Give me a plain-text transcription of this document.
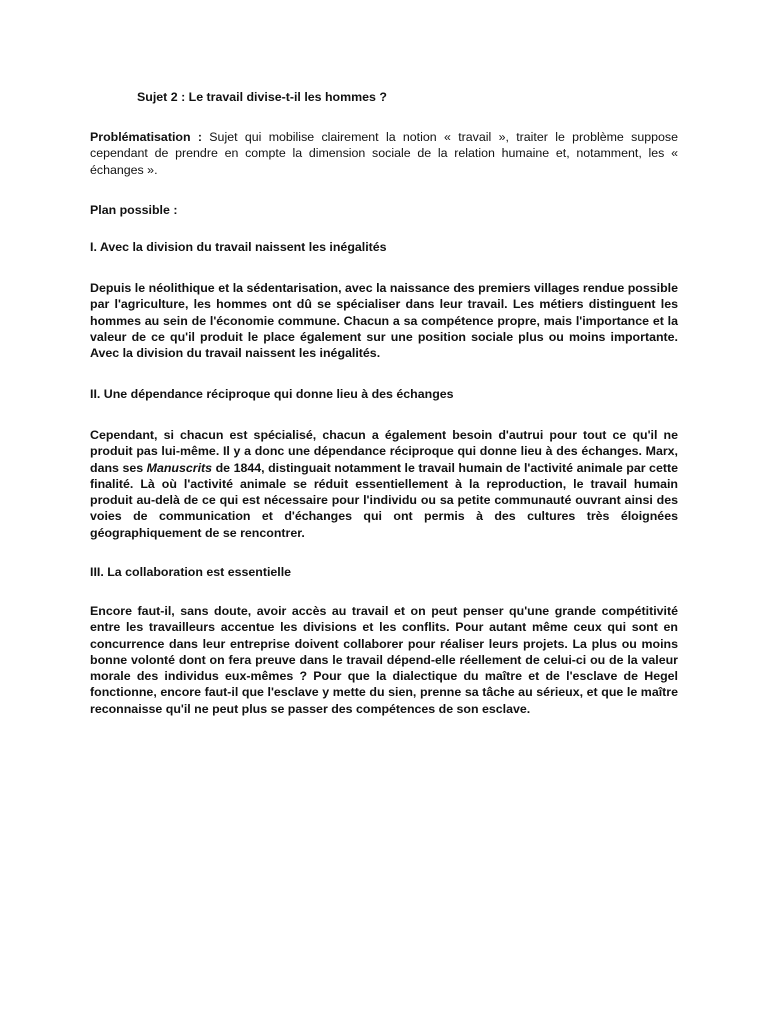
Sujet 2 : Le travail divise-t-il les hommes ?
Problématisation : Sujet qui mobilise clairement la notion « travail », traiter le problème suppose cependant de prendre en compte la dimension sociale de la relation humaine et, notamment, les « échanges ».
Plan possible :
I. Avec la division du travail naissent les inégalités
Depuis le néolithique et la sédentarisation, avec la naissance des premiers villages rendue possible par l'agriculture, les hommes ont dû se spécialiser dans leur travail. Les métiers distinguent les hommes au sein de l'économie commune. Chacun a sa compétence propre, mais l'importance et la valeur de ce qu'il produit le place également sur une position sociale plus ou moins importante. Avec la division du travail naissent les inégalités.
II. Une dépendance réciproque qui donne lieu à des échanges
Cependant, si chacun est spécialisé, chacun a également besoin d'autrui pour tout ce qu'il ne produit pas lui-même. Il y a donc une dépendance réciproque qui donne lieu à des échanges. Marx, dans ses Manuscrits de 1844, distinguait notamment le travail humain de l'activité animale par cette finalité. Là où l'activité animale se réduit essentiellement à la reproduction, le travail humain produit au-delà de ce qui est nécessaire pour l'individu ou sa petite communauté ouvrant ainsi des voies de communication et d'échanges qui ont permis à des cultures très éloignées géographiquement de se rencontrer.
III. La collaboration est essentielle
Encore faut-il, sans doute, avoir accès au travail et on peut penser qu'une grande compétitivité entre les travailleurs accentue les divisions et les conflits. Pour autant même ceux qui sont en concurrence dans leur entreprise doivent collaborer pour réaliser leurs projets. La plus ou moins bonne volonté dont on fera preuve dans le travail dépend-elle réellement de celui-ci ou de la valeur morale des individus eux-mêmes ? Pour que la dialectique du maître et de l'esclave de Hegel fonctionne, encore faut-il que l'esclave y mette du sien, prenne sa tâche au sérieux, et que le maître reconnaisse qu'il ne peut plus se passer des compétences de son esclave.
